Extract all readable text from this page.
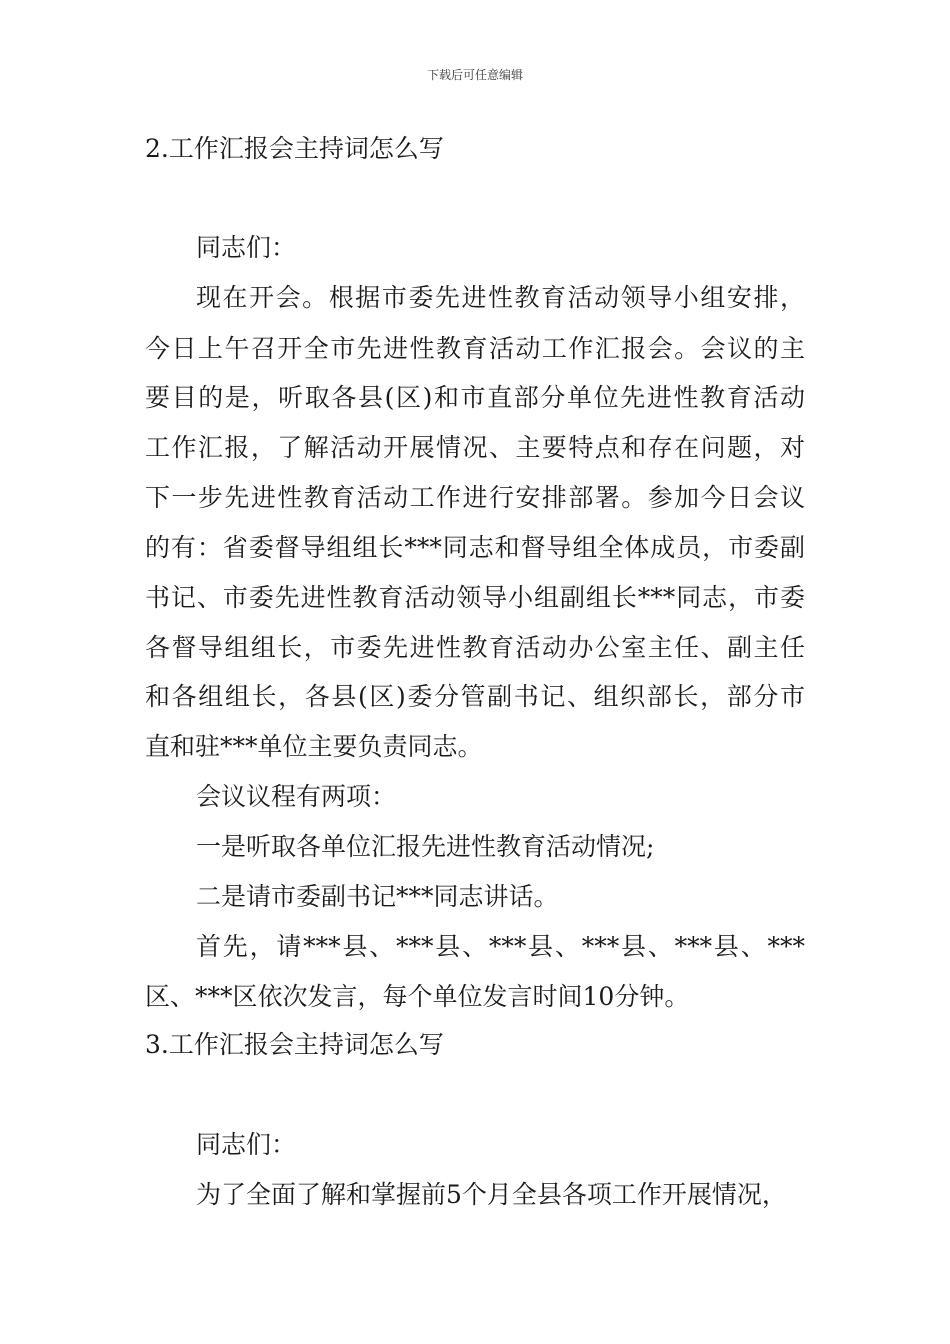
下载后可任意编辑
2.工作汇报会主持词怎么写
同志们：
现在开会。根据市委先进性教育活动领导小组安排，
今日上午召开全市先进性教育活动工作汇报会。会议的主
要目的是，听取各县(区)和市直部分单位先进性教育活动
工作汇报，了解活动开展情况、主要特点和存在问题，对
下一步先进性教育活动工作进行安排部署。参加今日会议
的有：省委督导组组长***同志和督导组全体成员，市委副
书记、市委先进性教育活动领导小组副组长***同志，市委
各督导组组长，市委先进性教育活动办公室主任、副主任
和各组组长，各县(区)委分管副书记、组织部长，部分市
直和驻***单位主要负责同志。
会议议程有两项：
一是听取各单位汇报先进性教育活动情况;
二是请市委副书记***同志讲话。
首先，请***县、***县、***县、***县、***县、***
区、***区依次发言，每个单位发言时间10分钟。
3.工作汇报会主持词怎么写
同志们：
为了全面了解和掌握前5个月全县各项工作开展情况，
